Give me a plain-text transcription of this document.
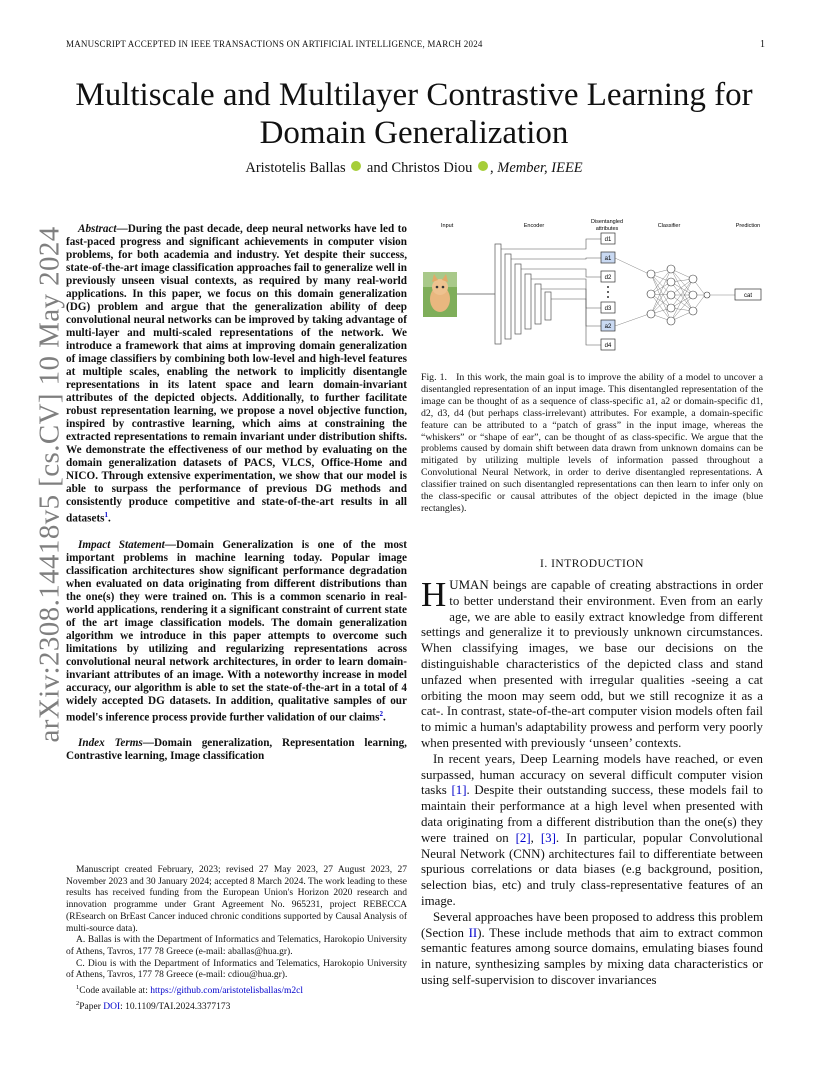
MANUSCRIPT ACCEPTED IN IEEE TRANSACTIONS ON ARTIFICIAL INTELLIGENCE, MARCH 2024	1
Multiscale and Multilayer Contrastive Learning for
Domain Generalization
Aristotelis Ballas and Christos Diou , Member, IEEE
arXiv:2308.14418v5 [cs.CV] 10 May 2024	Abstract—During the past decade, deep neural networks have led to fast-paced progress and significant achievements in computer vision problems, for both academia and industry. Yet despite their success, state-of-the-art image classification approaches fail to generalize well in previously unseen visual contexts, as required by many real-world applications. In this paper, we focus on this domain generalization (DG) problem and argue that the generalization ability of deep convolutional neural networks can be improved by taking advantage of multi-layer and multi-scaled representations of the network. We introduce a framework that aims at improving domain generalization of image classifiers by combining both low-level and high-level features at multiple scales, enabling the network to implicitly disentangle representations in its latent space and learn domain-invariant attributes of the depicted objects. Additionally, to further facilitate robust representation learning, we propose a novel objective function, inspired by contrastive learning, which aims at constraining the extracted representations to remain invariant under distribution shifts. We demonstrate the effectiveness of our method by evaluating on the domain generalization datasets of PACS, VLCS, Office-Home and NICO. Through extensive experimentation, we show that our model is able to surpass the performance of previous DG methods and consistently produce competitive and state-of-the-art results in all datasets$^1$.

Impact Statement—Domain Generalization is one of the most important problems in machine learning today. Popular image classification architectures show significant performance degradation when evaluated on data originating from different distributions than the one(s) they were trained on. This is a common scenario in real-world applications, rendering it a significant constraint of current state of the art image classification models. The domain generalization algorithm we introduce in this paper attempts to overcome such limitations by utilizing and regularizing representations across convolutional neural network architectures, in order to learn domain-invariant attributes of an image. With a noteworthy increase in model accuracy, our algorithm is able to set the state-of-the-art in a total of 4 widely accepted DG datasets. In addition, qualitative samples of our model's inference process provide further validation of our claims$^2$.

Index Terms—Domain generalization, Representation learning, Contrastive learning, Image classification

Manuscript created February, 2023; revised 27 May 2023, 27 August 2023, 27 November 2023 and 30 January 2024; accepted 8 March 2024. The work leading to these results has received funding from the European Union's Horizon 2020 research and innovation programme under Grant Agreement No. 965231, project REBECCA (REsearch on BrEast Cancer induced chronic conditions supported by Causal Analysis of multi-source data).

A. Ballas is with the Department of Informatics and Telematics, Harokopio University of Athens, Tavros, 177 78 Greece (e-mail: aballas@hua.gr).

C. Diou is with the Department of Informatics and Telematics, Harokopio University of Athens, Tavros, 177 78 Greece (e-mail: cdiou@hua.gr).

$^1$Code available at: https://github.com/aristotelisballas/m2cl

$^2$Paper DOI: 10.1109/TAI.2024.3377173

Input	Encoder
Disentangled
attributes	Classifier	Prediction
d1
a1
d2
d3
a2
d4
cat
Fig. 1. In this work, the main goal is to improve the ability of a model to uncover a disentangled representation of an input image. This disentangled representation of the image can be thought of as a sequence of class-specific a1, a2 or domain-specific d1, d2, d3, d4 (but perhaps class-irrelevant) attributes. For example, a domain-specific feature can be attributed to a “patch of grass” in the input image, whereas the “whiskers” or “shape of ear”, can be thought of as class-specific. We argue that the problems caused by domain shift between data drawn from unknown domains can be mitigated by utilizing multiple levels of information passed throughout a Convolutional Neural Network, in order to derive disentangled representations. A classifier trained on such disentangled representations can then learn to infer only on the class-specific or causal attributes of the object depicted in the image (blue rectangles).
I. INTRODUCTION

HUMAN beings are capable of creating abstractions in order to better understand their environment. Even from an early age, we are able to easily extract knowledge from different settings and generalize it to previously unknown circumstances. When classifying images, we base our decisions on the distinguishable characteristics of the depicted class and stand unfazed when presented with irregular qualities -seeing a cat orbiting the moon may seem odd, but we still recognize it as a cat-. In contrast, state-of-the-art computer vision models often fail to mimic a human's adaptability prowess and perform very poorly when presented with previously ‘unseen’ contexts.

In recent years, Deep Learning models have reached, or even surpassed, human accuracy on several difficult computer vision tasks [1]. Despite their outstanding success, these models fail to maintain their performance at a high level when presented with data originating from a different distribution than the one(s) they were trained on [2], [3]. In particular, popular Convolutional Neural Network (CNN) architectures fail to differentiate between spurious correlations or data biases (e.g background, position, selection bias, etc) and truly class-representative features of an image.

Several approaches have been proposed to address this problem (Section II). These include methods that aim to extract common semantic features among source domains, emulating biases found in nature, synthesizing samples by mixing data characteristics or using self-supervision to discover invariances
